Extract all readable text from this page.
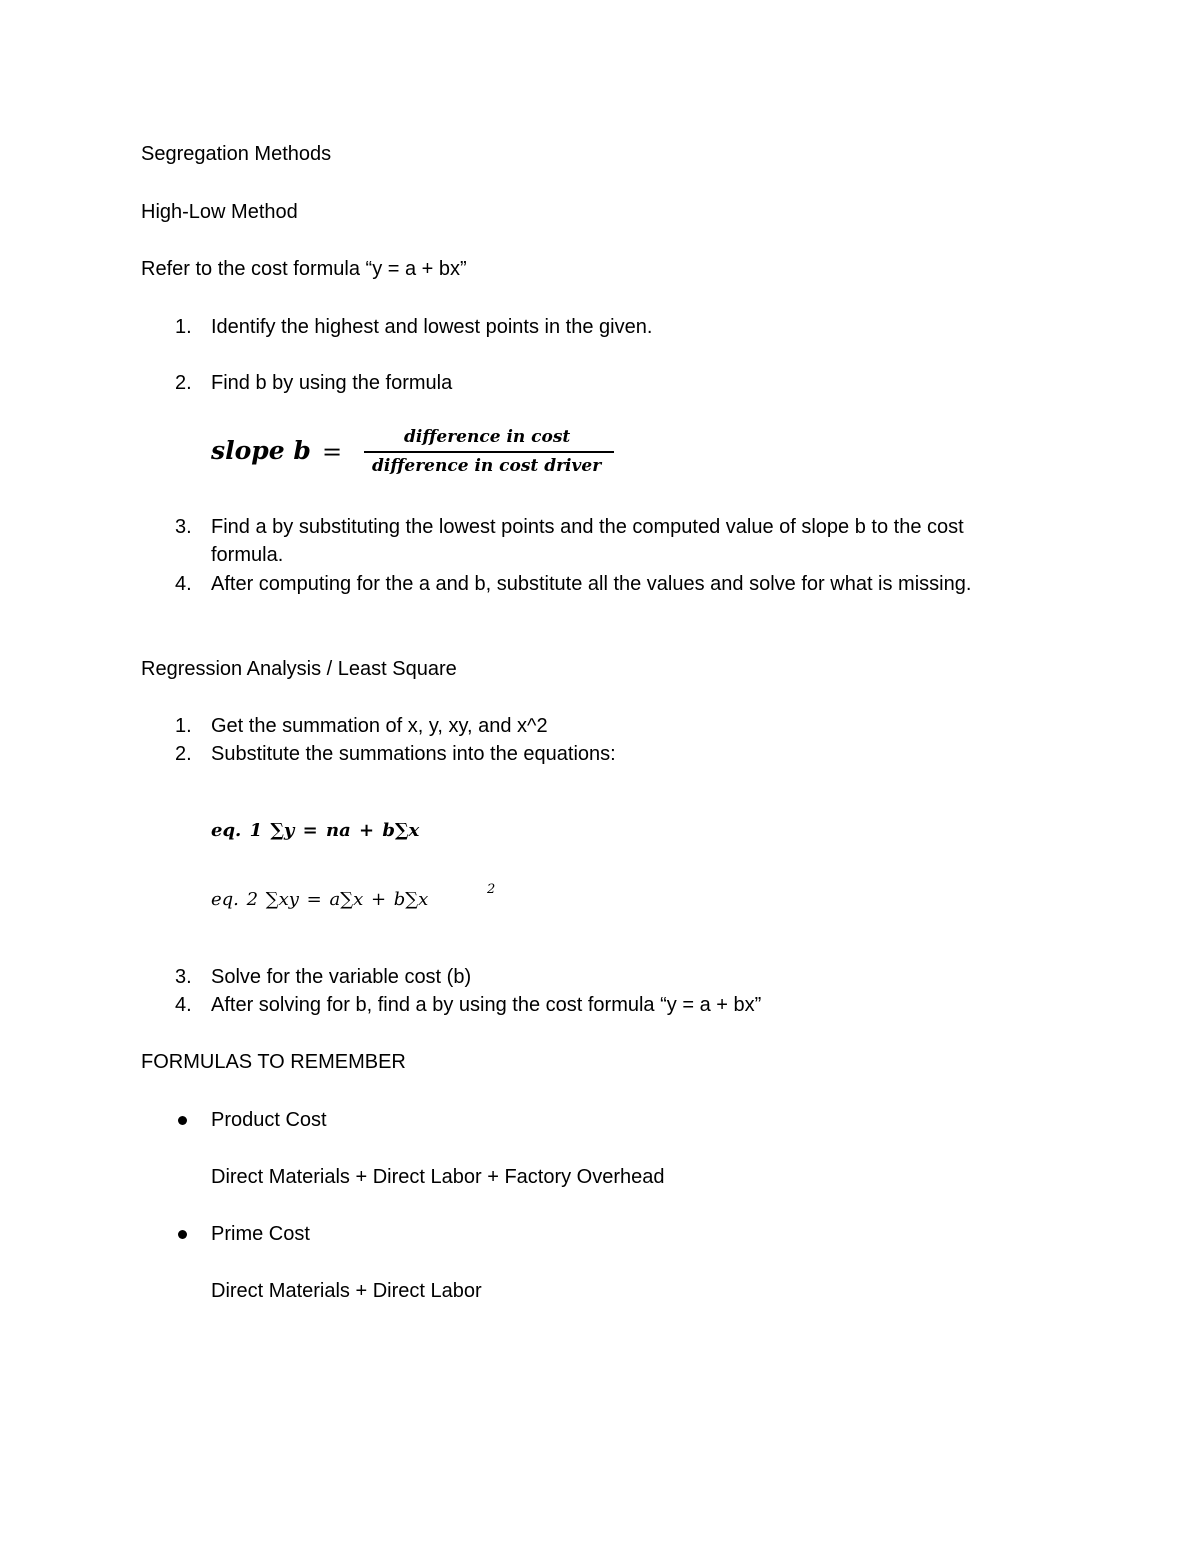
Segregation Methods
High-Low Method
Refer to the cost formula “y = a + bx”
1. Identify the highest and lowest points in the given.
2. Find b by using the formula
slope b =
difference in cost
difference in cost driver
3. Find a by substituting the lowest points and the computed value of slope b to the cost
formula.
4. After computing for the a and b, substitute all the values and solve for what is missing.
Regression Analysis / Least Square
1. Get the summation of x, y, xy, and x^2
2. Substitute the summations into the equations:
eq. 1 ∑y = na + b∑x
eq. 2 ∑xy = a∑x + b∑x	2
3. Solve for the variable cost (b)
4. After solving for b, find a by using the cost formula “y = a + bx”
FORMULAS TO REMEMBER
Product Cost
Direct Materials + Direct Labor + Factory Overhead
Prime Cost
Direct Materials + Direct Labor
